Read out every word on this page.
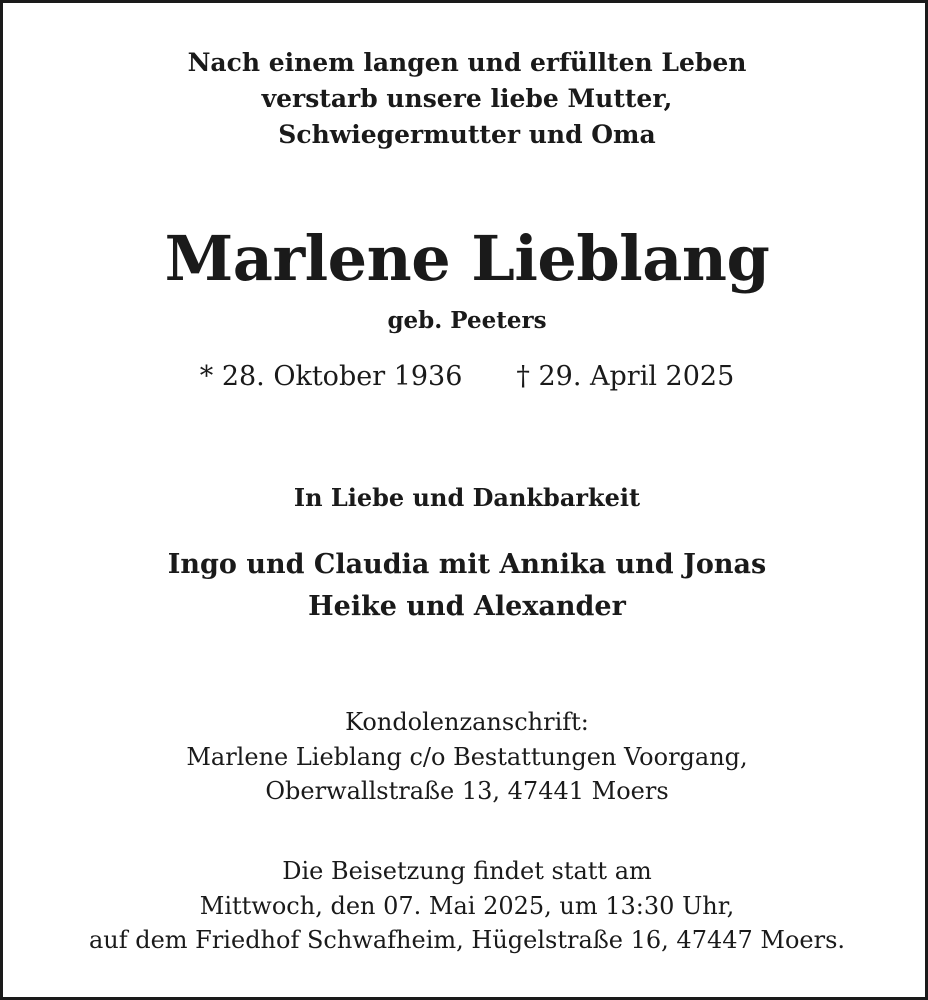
Nach einem langen und erfüllten Leben
verstarb unsere liebe Mutter,
Schwiegermutter und Oma
Marlene Lieblang
geb. Peeters
* 28. Oktober 1936 † 29. April 2025
In Liebe und Dankbarkeit
Ingo und Claudia mit Annika und Jonas
Heike und Alexander
Kondolenzanschrift:
Marlene Lieblang c/o Bestattungen Voorgang,
Oberwallstraße 13, 47441 Moers
Die Beisetzung findet statt am
Mittwoch, den 07. Mai 2025, um 13:30 Uhr,
auf dem Friedhof Schwafheim, Hügelstraße 16, 47447 Moers.
